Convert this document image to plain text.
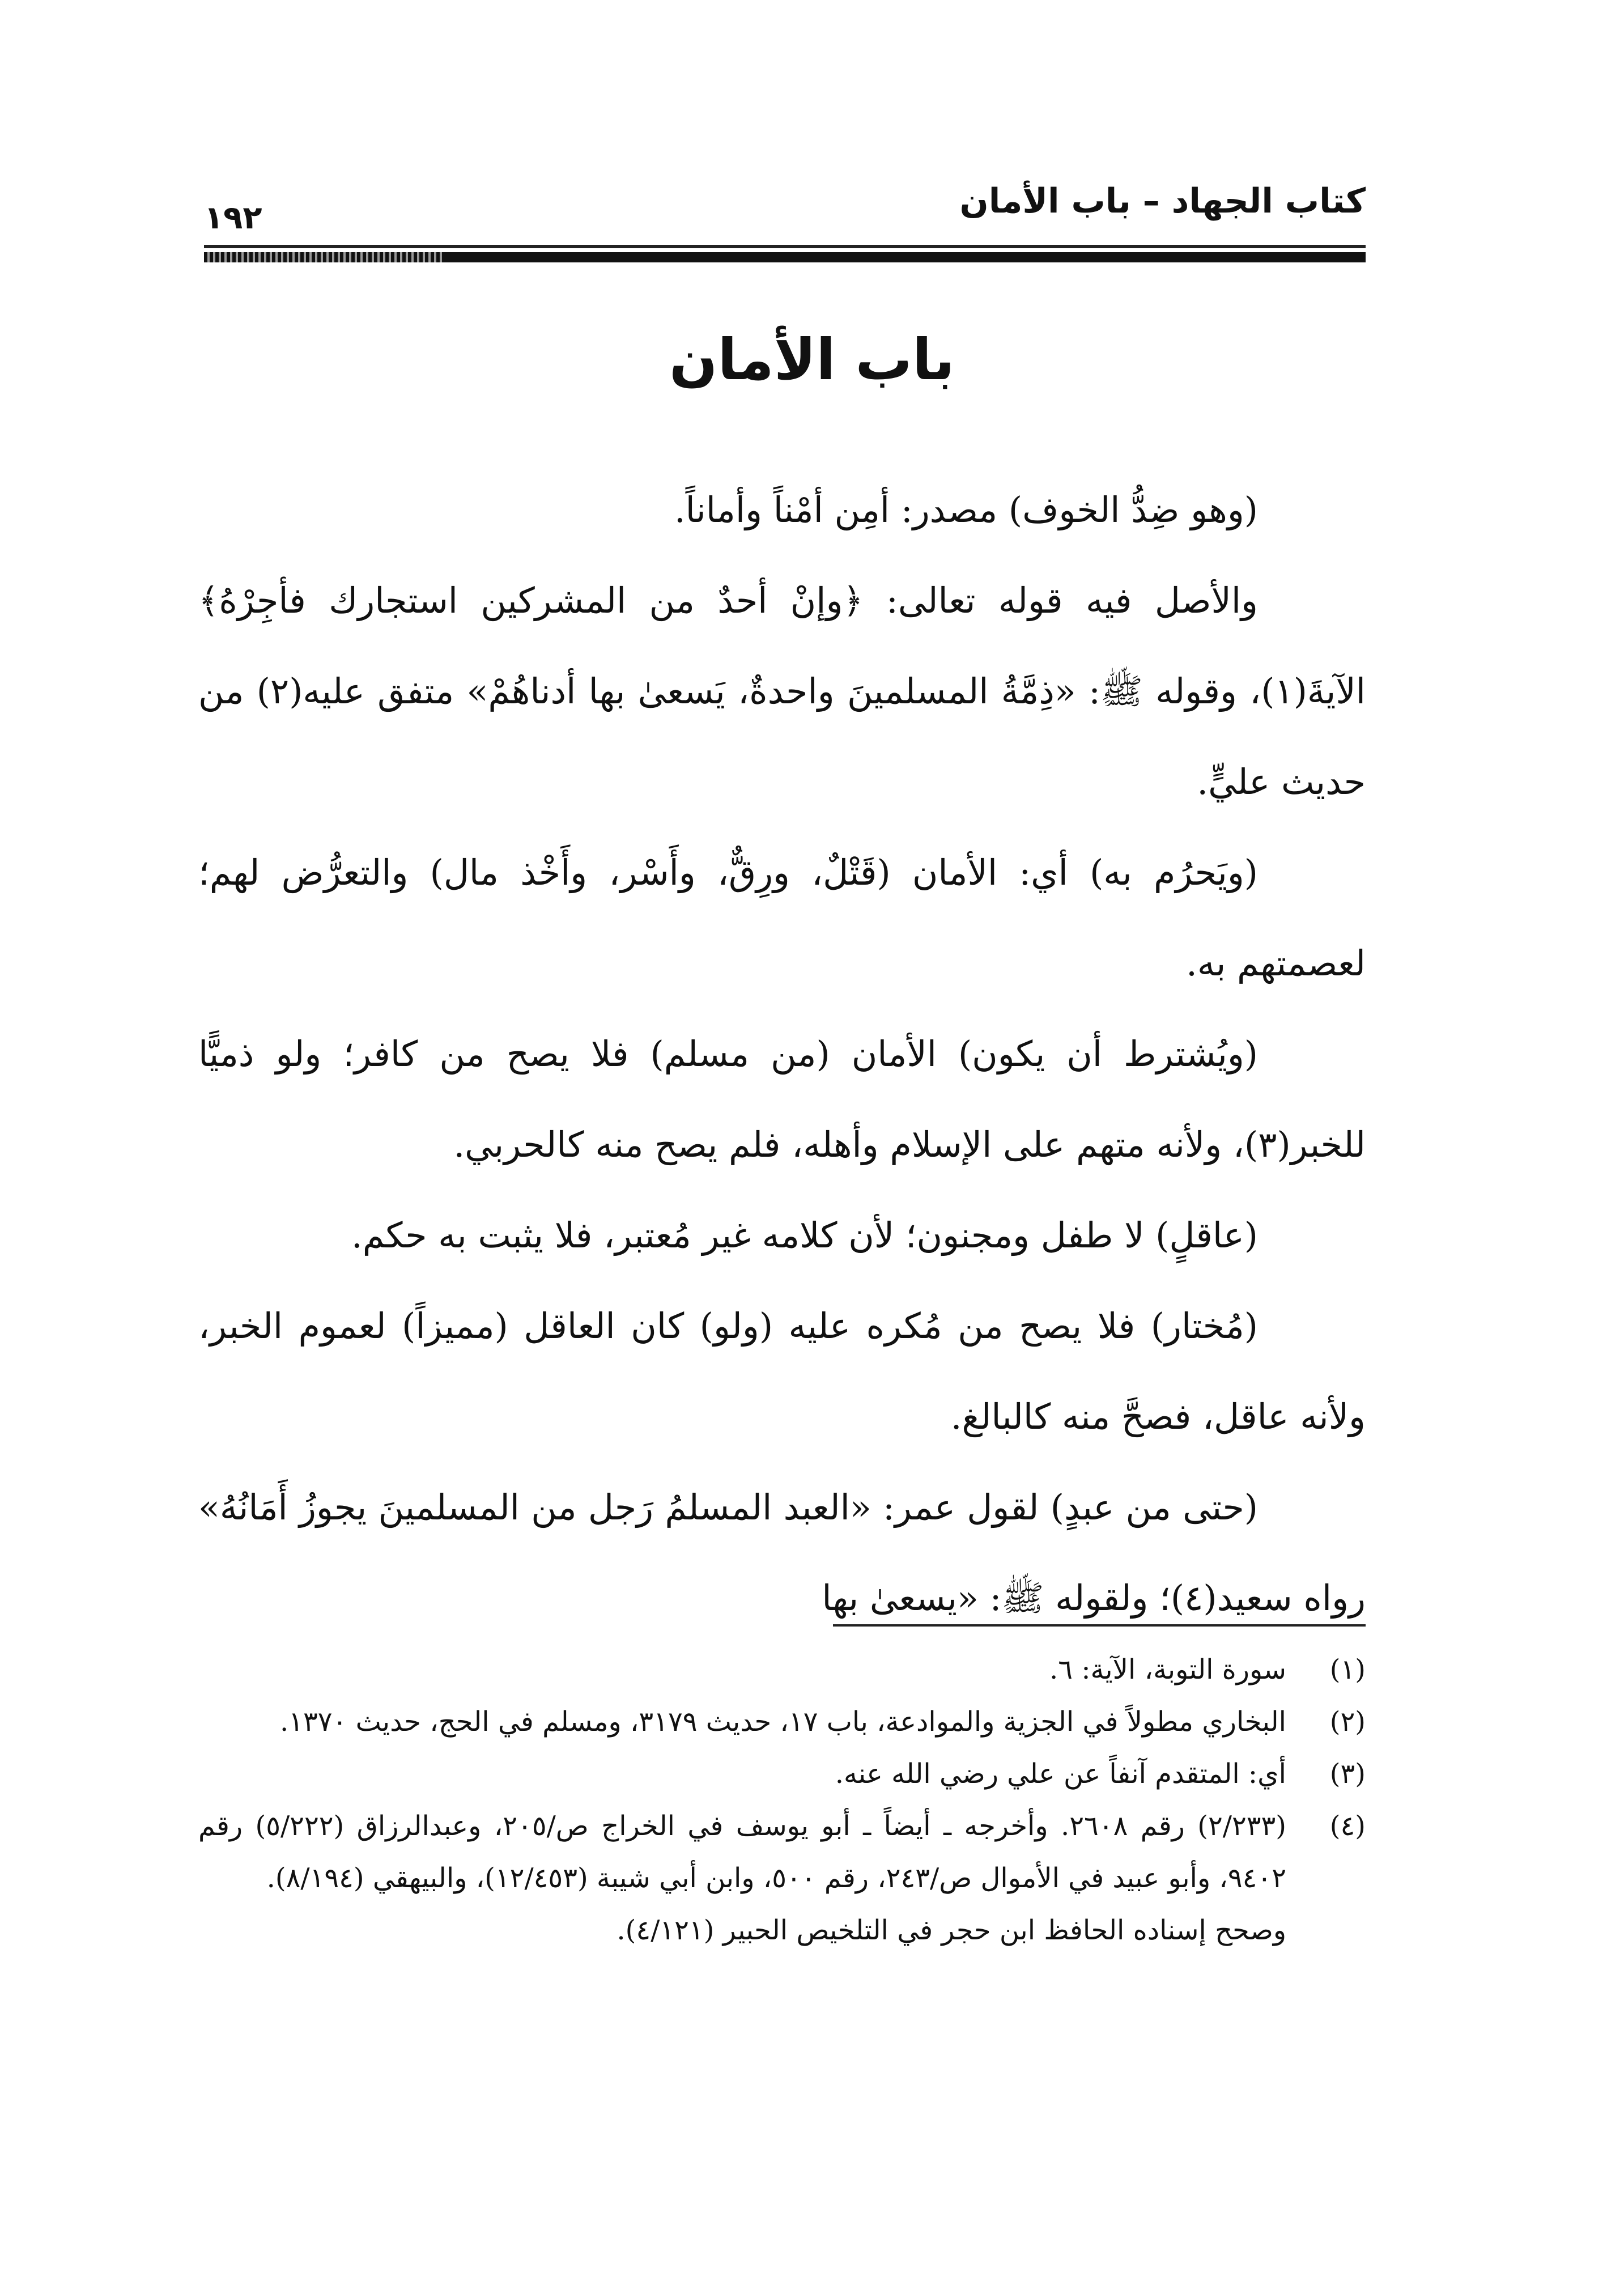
كتاب الجهاد – باب الأمان
١٩٢
باب الأمان

(وهو ضِدُّ الخوف) مصدر: أمِن أمْناً وأماناً.

والأصل فيه قوله تعالى: ﴿وإنْ أحدٌ من المشركين استجارك فأجِرْهُ﴾ الآيةَ(١)، وقوله ﷺ: «ذِمَّةُ المسلمينَ واحدةٌ، يَسعىٰ بها أدناهُمْ» متفق عليه(٢) من حديث عليٍّ.

(ويَحرُم به) أي: الأمان (قَتْلٌ، ورِقٌّ، وأَسْر، وأَخْذ مال) والتعرُّض لهم؛ لعصمتهم به.

(ويُشترط أن يكون) الأمان (من مسلم) فلا يصح من كافر؛ ولو ذميًّا للخبر(٣)، ولأنه متهم على الإسلام وأهله، فلم يصح منه كالحربي.

(عاقلٍ) لا طفل ومجنون؛ لأن كلامه غير مُعتبر، فلا يثبت به حكم.

(مُختار) فلا يصح من مُكره عليه (ولو) كان العاقل (مميزاً) لعموم الخبر، ولأنه عاقل، فصحَّ منه كالبالغ.

(حتى من عبدٍ) لقول عمر: «العبد المسلمُ رَجل من المسلمينَ يجوزُ أَمَانُهُ» رواه سعيد(٤)؛ ولقوله ﷺ: «يسعىٰ بها

(١)
سورة التوبة، الآية: ٦.
(٢)
البخاري مطولاً في الجزية والموادعة، باب ١٧، حديث ٣١٧٩، ومسلم في الحج، حديث ١٣٧٠.
(٣)
أي: المتقدم آنفاً عن علي رضي الله عنه.
(٤)
(٢/٢٣٣) رقم ٢٦٠٨. وأخرجه ـ أيضاً ـ أبو يوسف في الخراج ص/٢٠٥، وعبدالرزاق (٥/٢٢٢) رقم ٩٤٠٢، وأبو عبيد في الأموال ص/٢٤٣، رقم ٥٠٠، وابن أبي شيبة (١٢/٤٥٣)، والبيهقي (٨/١٩٤).
وصحح إسناده الحافظ ابن حجر في التلخيص الحبير (٤/١٢١).
